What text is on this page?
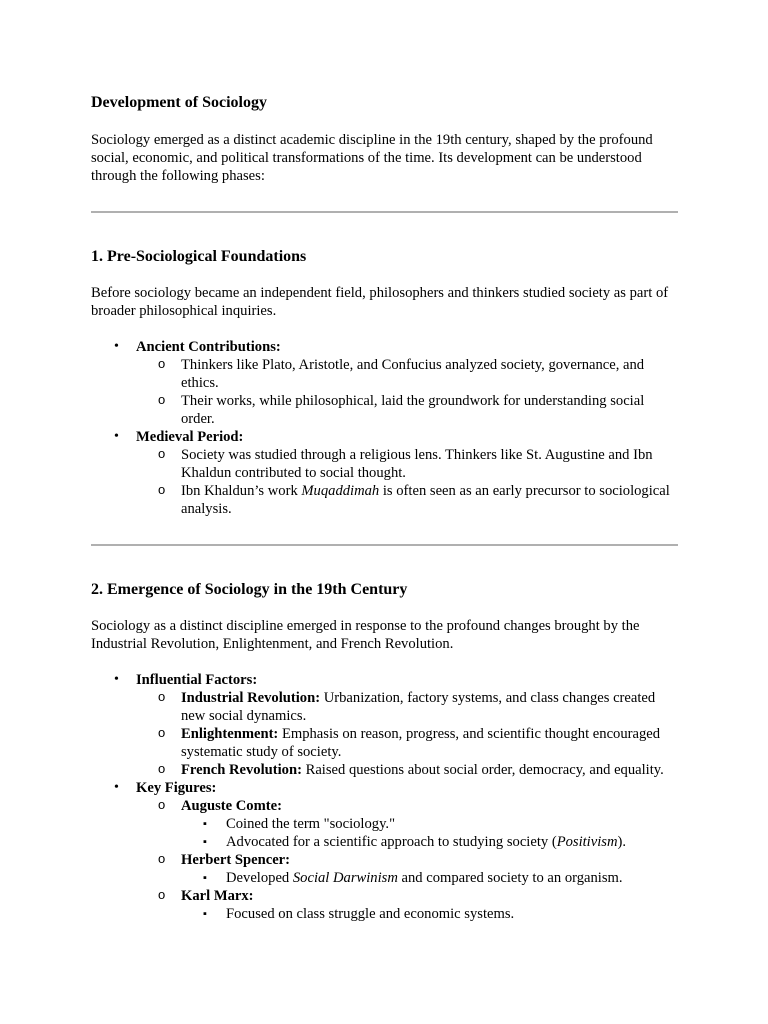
Development of Sociology

Sociology emerged as a distinct academic discipline in the 19th century, shaped by the profound social, economic, and political transformations of the time. Its development can be understood through the following phases:

1. Pre-Sociological Foundations

Before sociology became an independent field, philosophers and thinkers studied society as part of broader philosophical inquiries.

• Ancient Contributions:
o Thinkers like Plato, Aristotle, and Confucius analyzed society, governance, and ethics.
o Their works, while philosophical, laid the groundwork for understanding social order.
• Medieval Period:
o Society was studied through a religious lens. Thinkers like St. Augustine and Ibn Khaldun contributed to social thought.
o Ibn Khaldun’s work Muqaddimah is often seen as an early precursor to sociological analysis.
2. Emergence of Sociology in the 19th Century

Sociology as a distinct discipline emerged in response to the profound changes brought by the Industrial Revolution, Enlightenment, and French Revolution.

• Influential Factors:
o Industrial Revolution: Urbanization, factory systems, and class changes created new social dynamics.
o Enlightenment: Emphasis on reason, progress, and scientific thought encouraged systematic study of society.
o French Revolution: Raised questions about social order, democracy, and equality.
• Key Figures:
o Auguste Comte:
▪ Coined the term "sociology."
▪ Advocated for a scientific approach to studying society (Positivism).
o Herbert Spencer:
▪ Developed Social Darwinism and compared society to an organism.
o Karl Marx:
▪ Focused on class struggle and economic systems.
